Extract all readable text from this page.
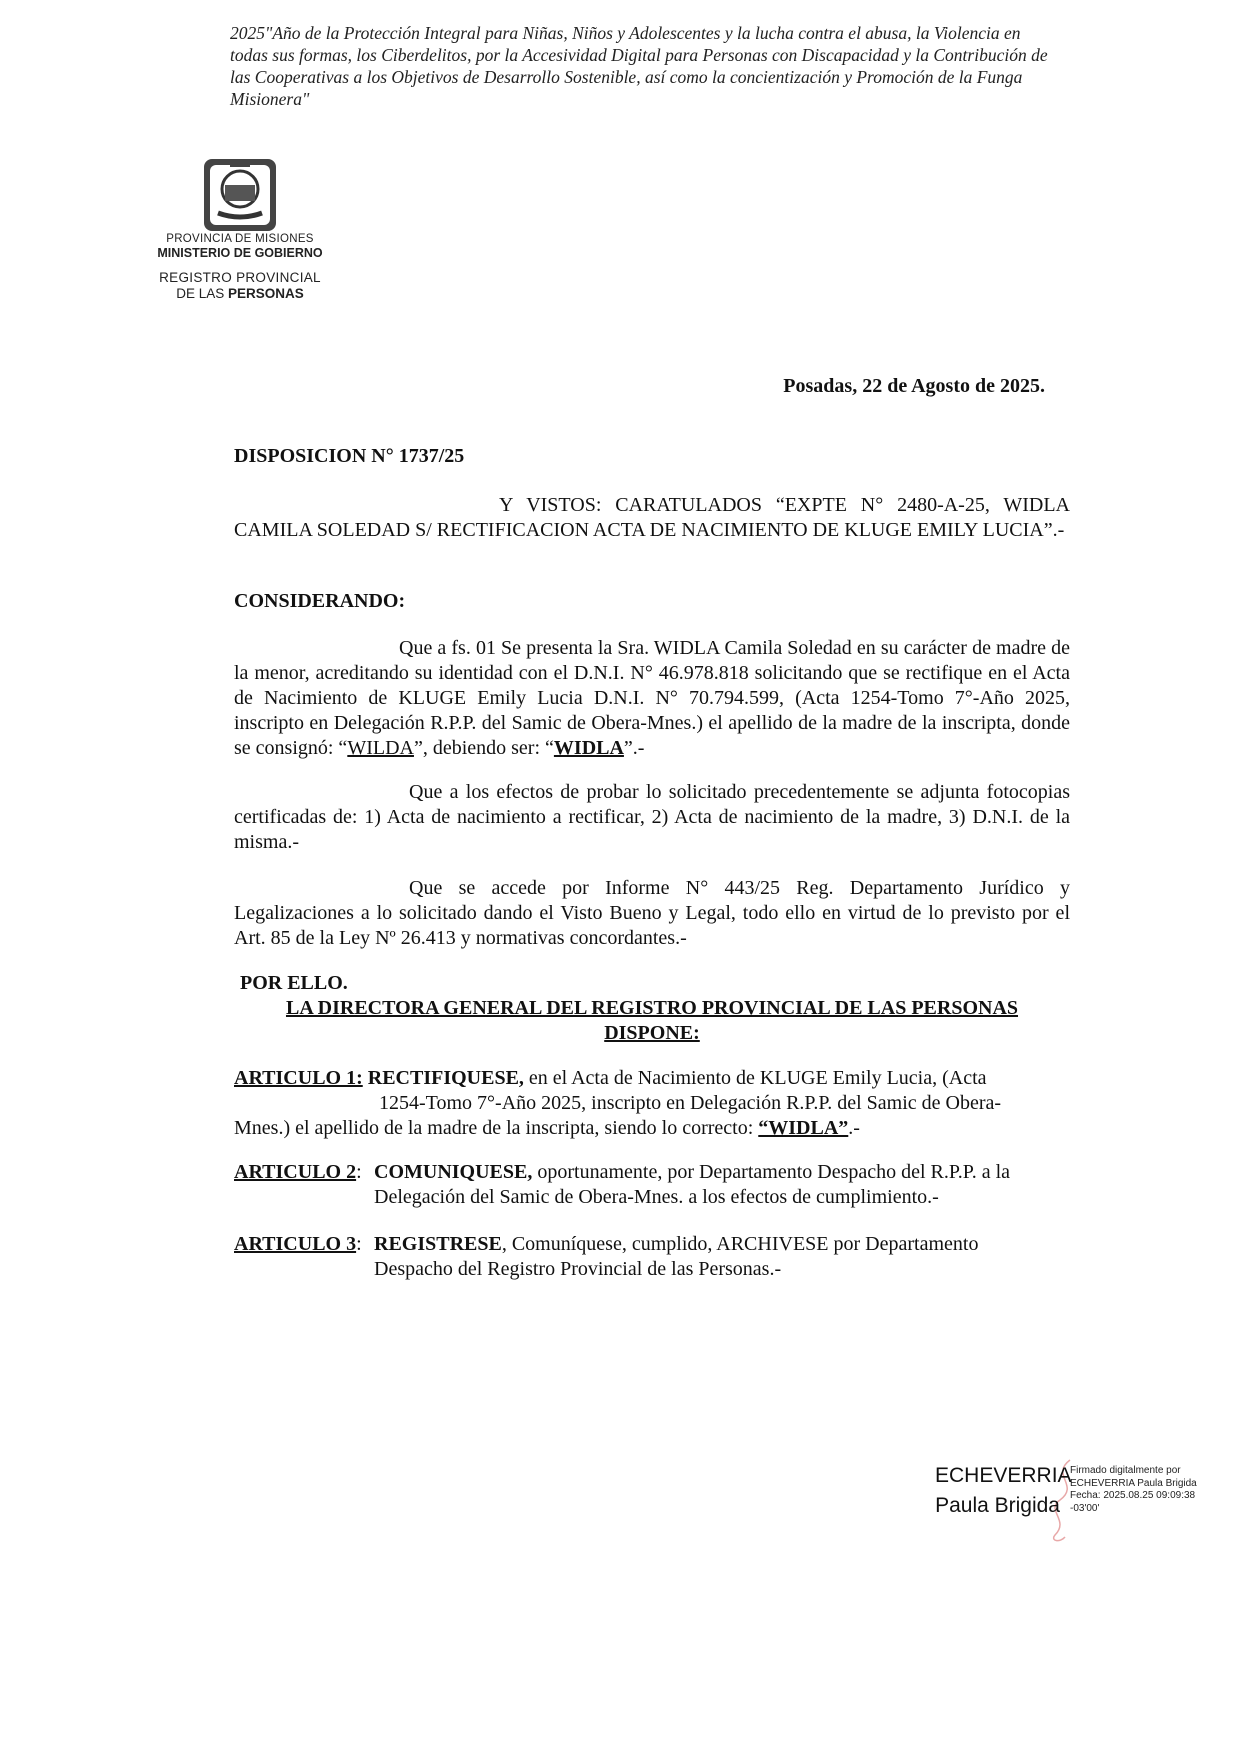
2025"Año de la Protección Integral para Niñas, Niños y Adolescentes y la lucha contra el abusa, la Violencia en todas sus formas, los Ciberdelitos, por la Accesividad Digital para Personas con Discapacidad y la Contribución de las Cooperativas a los Objetivos de Desarrollo Sostenible, así como la concientización y Promoción de la Funga Misionera"
PROVINCIA DE MISIONES
MINISTERIO DE GOBIERNO
REGISTRO PROVINCIAL
DE LAS PERSONAS
Posadas, 22 de Agosto de 2025.
DISPOSICION N° 1737/25

Y VISTOS: CARATULADOS “EXPTE N° 2480-A-25, WIDLA CAMILA SOLEDAD S/ RECTIFICACION ACTA DE NACIMIENTO DE KLUGE EMILY LUCIA”.-

CONSIDERANDO:

Que a fs. 01 Se presenta la Sra. WIDLA Camila Soledad en su carácter de madre de la menor, acreditando su identidad con el D.N.I. N° 46.978.818 solicitando que se rectifique en el Acta de Nacimiento de KLUGE Emily Lucia D.N.I. N° 70.794.599, (Acta 1254-Tomo 7°-Año 2025, inscripto en Delegación R.P.P. del Samic de Obera-Mnes.) el apellido de la madre de la inscripta, donde se consignó: “WILDA”, debiendo ser: “WIDLA”.-

Que a los efectos de probar lo solicitado precedentemente se adjunta fotocopias certificadas de: 1) Acta de nacimiento a rectificar, 2) Acta de nacimiento de la madre, 3) D.N.I. de la misma.-

Que se accede por Informe N° 443/25 Reg. Departamento Jurídico y Legalizaciones a lo solicitado dando el Visto Bueno y Legal, todo ello en virtud de lo previsto por el Art. 85 de la Ley Nº 26.413 y normativas concordantes.-

POR ELLO.
LA DIRECTORA GENERAL DEL REGISTRO PROVINCIAL DE LAS PERSONAS
DISPONE:

ARTICULO 1: RECTIFIQUESE, en el Acta de Nacimiento de KLUGE Emily Lucia, (Acta
1254-Tomo 7°-Año 2025, inscripto en Delegación R.P.P. del Samic de Obera-
Mnes.) el apellido de la madre de la inscripta, siendo lo correcto: “WIDLA”.-

ARTICULO 2: COMUNIQUESE, oportunamente, por Departamento Despacho del R.P.P. a la Delegación del Samic de Obera-Mnes. a los efectos de cumplimiento.-
ARTICULO 3: REGISTRESE, Comuníquese, cumplido, ARCHIVESE por Departamento Despacho del Registro Provincial de las Personas.-
ECHEVERRIA
Paula Brigida
Firmado digitalmente por
ECHEVERRIA Paula Brigida
Fecha: 2025.08.25 09:09:38
-03'00'
